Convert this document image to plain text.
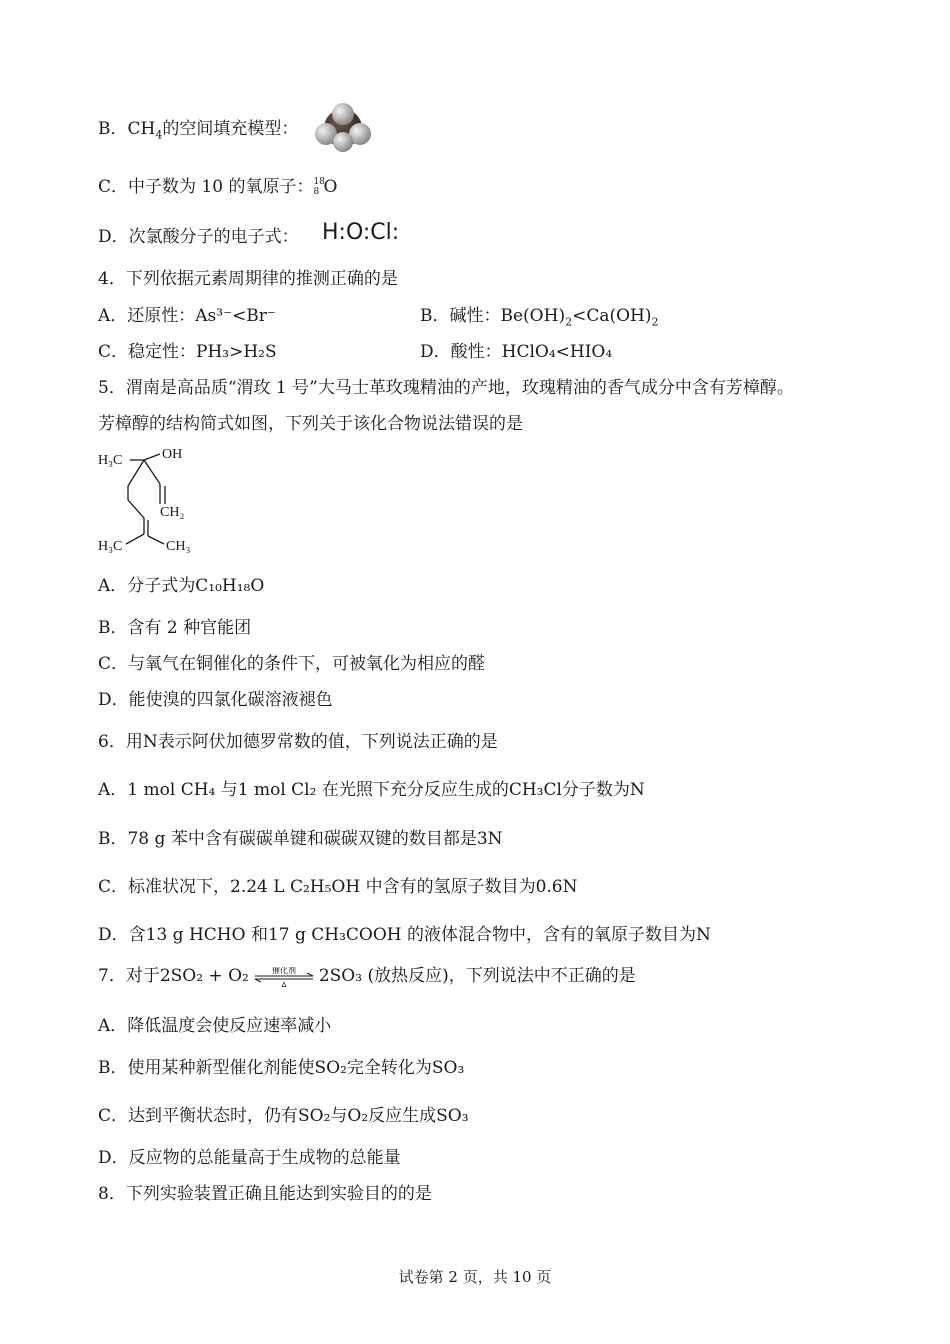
B．$CH_4$的空间填充模型：
C．中子数为 10 的氧原子： 18
8 O
D．次氯酸分子的电子式： H:O:Cl:
4．下列依据元素周期律的推测正确的是
A．还原性：As³⁻<Br⁻	B．碱性：$Be(OH)_2<Ca(OH)_2$
C．稳定性：PH₃>H₂S	D．酸性：HClO₄<HIO₄
5．渭南是高品质“渭玫 1 号”大马士革玫瑰精油的产地，玫瑰精油的香气成分中含有芳樟醇。
芳樟醇的结构简式如图，下列关于该化合物说法错误的是
H₃C	OH
CH₂
H₃C	CH₃
A．分子式为C₁₀H₁₈O
B．含有 2 种官能团
C．与氧气在铜催化的条件下，可被氧化为相应的醛
D．能使溴的四氯化碳溶液褪色
6．用N表示阿伏加德罗常数的值，下列说法正确的是
A．1 mol CH₄ 与1 mol Cl₂ 在光照下充分反应生成的CH₃Cl分子数为N
B．78 g 苯中含有碳碳单键和碳碳双键的数目都是3N
C．标准状况下，2.24 L C₂H₅OH 中含有的氢原子数目为0.6N
D．含13 g HCHO 和17 g CH₃COOH 的液体混合物中，含有的氧原子数目为N
7．对于2SO₂ + O₂	催化剂
Δ 2SO₃ (放热反应)，下列说法中不正确的是
A．降低温度会使反应速率减小
B．使用某种新型催化剂能使SO₂完全转化为SO₃
C．达到平衡状态时，仍有SO₂与O₂反应生成SO₃
D．反应物的总能量高于生成物的总能量
8．下列实验装置正确且能达到实验目的的是
试卷第 2 页，共 10 页
